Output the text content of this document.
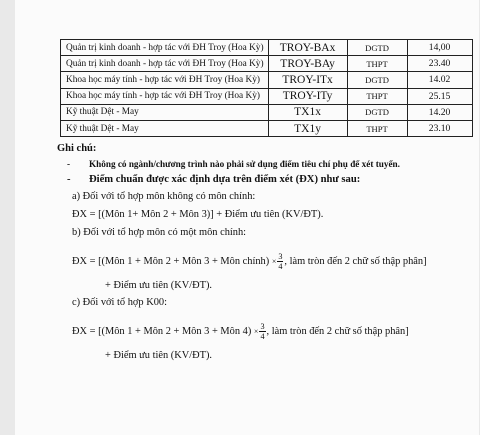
Quản trị kinh doanh - hợp tác với ĐH Troy (Hoa Kỳ)	TROY-BAx	DGTD	14,00
Quản trị kinh doanh - hợp tác với ĐH Troy (Hoa Kỳ)	TROY-BAy	THPT	23.40
Khoa học máy tính - hợp tác với ĐH Troy (Hoa Kỳ)	TROY-ITx	DGTD	14.02
Khoa học máy tính - hợp tác với ĐH Troy (Hoa Kỳ)	TROY-ITy	THPT	25.15
Kỹ thuật Dệt - May	TX1x	DGTD	14.20
Kỹ thuật Dệt - May	TX1y	THPT	23.10
Ghi chú:
- Không có ngành/chương trình nào phải sử dụng điểm tiêu chí phụ để xét tuyển.
- Điểm chuẩn được xác định dựa trên điểm xét (ĐX) như sau:
a) Đối với tổ hợp môn không có môn chính:
ĐX = [(Môn 1+ Môn 2 + Môn 3)] + Điểm ưu tiên (KV/ĐT).
b) Đối với tổ hợp môn có một môn chính:
ĐX = [(Môn 1 + Môn 2 + Môn 3 + Môn chính) × $\frac{3}{4}$ , làm tròn đến 2 chữ số thập phân]
+ Điểm ưu tiên (KV/ĐT).
c) Đối với tổ hợp K00:
ĐX = [(Môn 1 + Môn 2 + Môn 3 + Môn $4) \times \frac{3}{4}$ , làm tròn đến 2 chữ số thập phân]
+ Điểm ưu tiên (KV/ĐT).
